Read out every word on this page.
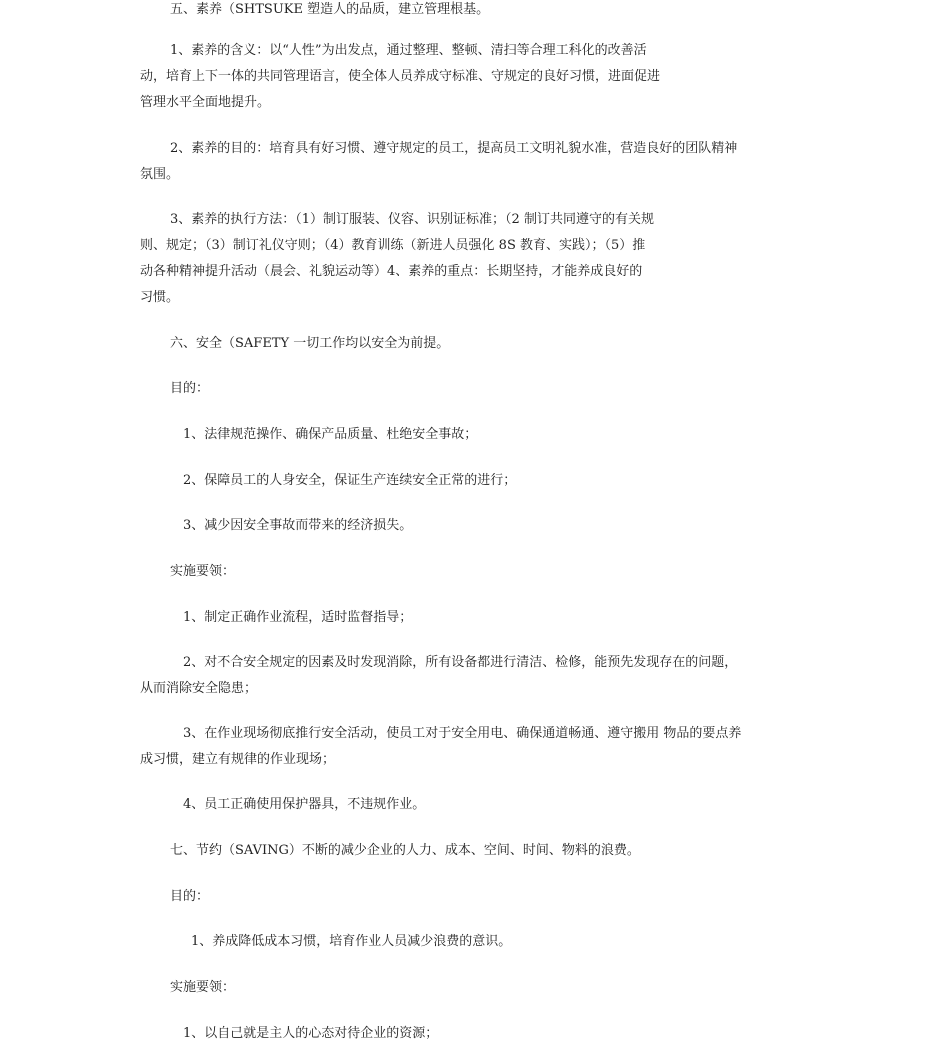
五、素养（SHTSUKE 塑造人的品质，建立管理根基。

1、素养的含义：以“人性”为出发点，通过整理、整顿、清扫等合理工科化的改善活

动，培育上下一体的共同管理语言，使全体人员养成守标准、守规定的良好习惯，进面促进

管理水平全面地提升。

2、素养的目的：培育具有好习惯、遵守规定的员工，提高员工文明礼貌水准，营造良好的团队精神

氛围。

3、素养的执行方法：（1）制订服装、仪容、识别证标准；（2 制订共同遵守的有关规

则、规定；（3）制订礼仪守则；（4）教育训练（新进人员强化 8S 教育、实践）；（5）推

动各种精神提升活动（晨会、礼貌运动等）4、素养的重点：长期坚持，才能养成良好的

习惯。

六、安全（SAFETY 一切工作均以安全为前提。

目的：

1、法律规范操作、确保产品质量、杜绝安全事故；

2、保障员工的人身安全，保证生产连续安全正常的进行；

3、减少因安全事故而带来的经济损失。

实施要领：

1、制定正确作业流程，适时监督指导；

2、对不合安全规定的因素及时发现消除，所有设备都进行清洁、检修，能预先发现存在的问题，

从而消除安全隐患；

3、在作业现场彻底推行安全活动，使员工对于安全用电、确保通道畅通、遵守搬用 物品的要点养

成习惯，建立有规律的作业现场；

4、员工正确使用保护器具，不违规作业。

七、节约（SAVING）不断的减少企业的人力、成本、空间、时间、物料的浪费。

目的：

1、养成降低成本习惯，培育作业人员减少浪费的意识。

实施要领：

1、以自己就是主人的心态对待企业的资源；
